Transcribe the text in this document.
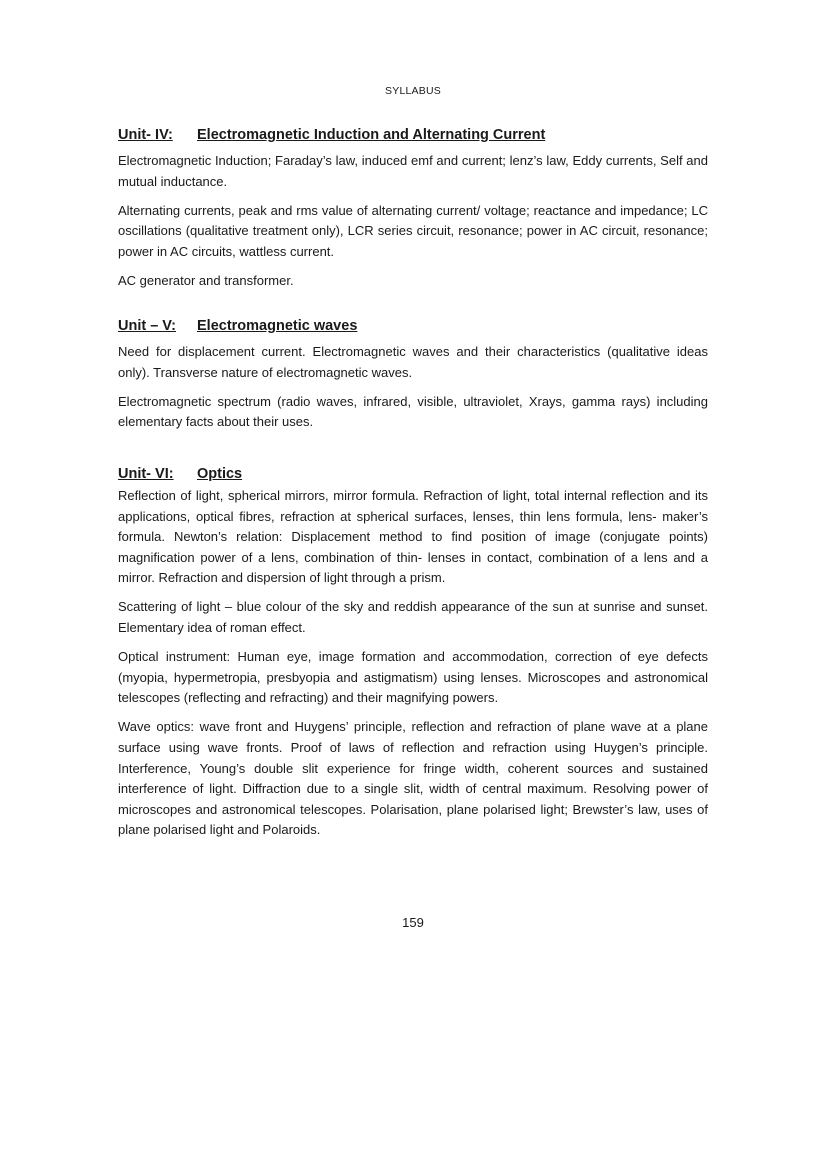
SYLLABUS
Unit- IV: Electromagnetic Induction and Alternating Current

Electromagnetic Induction; Faraday’s law, induced emf and current; lenz’s law, Eddy currents, Self and mutual inductance.

Alternating currents, peak and rms value of alternating current/ voltage; reactance and impedance; LC oscillations (qualitative treatment only), LCR series circuit, resonance; power in AC circuit, resonance; power in AC circuits, wattless current.

AC generator and transformer.

Unit – V: Electromagnetic waves

Need for displacement current. Electromagnetic waves and their characteristics (qualitative ideas only). Transverse nature of electromagnetic waves.

Electromagnetic spectrum (radio waves, infrared, visible, ultraviolet, Xrays, gamma rays) including elementary facts about their uses.

Unit- VI: Optics

Reflection of light, spherical mirrors, mirror formula. Refraction of light, total internal reflection and its applications, optical fibres, refraction at spherical surfaces, lenses, thin lens formula, lens- maker’s formula. Newton’s relation: Displacement method to find position of image (conjugate points) magnification power of a lens, combination of thin- lenses in contact, combination of a lens and a mirror. Refraction and dispersion of light through a prism.

Scattering of light – blue colour of the sky and reddish appearance of the sun at sunrise and sunset. Elementary idea of roman effect.

Optical instrument: Human eye, image formation and accommodation, correction of eye defects (myopia, hypermetropia, presbyopia and astigmatism) using lenses. Microscopes and astronomical telescopes (reflecting and refracting) and their magnifying powers.

Wave optics: wave front and Huygens’ principle, reflection and refraction of plane wave at a plane surface using wave fronts. Proof of laws of reflection and refraction using Huygen’s principle. Interference, Young’s double slit experience for fringe width, coherent sources and sustained interference of light. Diffraction due to a single slit, width of central maximum. Resolving power of microscopes and astronomical telescopes. Polarisation, plane polarised light; Brewster’s law, uses of plane polarised light and Polaroids.

159
